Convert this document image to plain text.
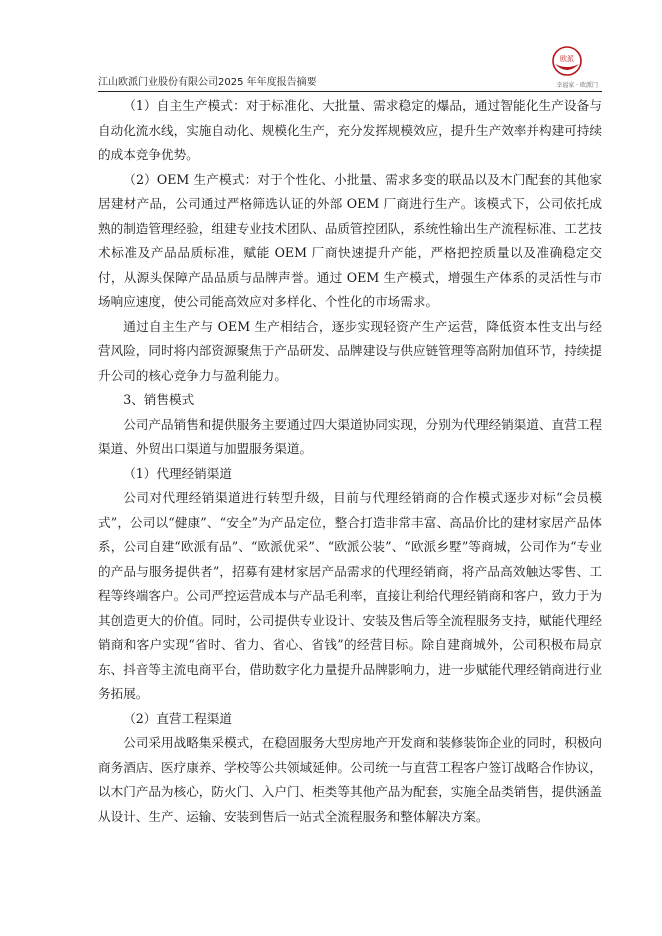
江山欧派门业股份有限公司2025 年年度报告摘要
欧派
幸福家 · 欧派门

（1）自主生产模式：对于标准化、大批量、需求稳定的爆品，通过智能化生产设备与自动化流水线，实施自动化、规模化生产，充分发挥规模效应，提升生产效率并构建可持续的成本竞争优势。

（2）OEM 生产模式：对于个性化、小批量、需求多变的联品以及木门配套的其他家居建材产品，公司通过严格筛选认证的外部 OEM 厂商进行生产。该模式下，公司依托成熟的制造管理经验，组建专业技术团队、品质管控团队，系统性输出生产流程标准、工艺技术标准及产品品质标准，赋能 OEM 厂商快速提升产能，严格把控质量以及准确稳定交付，从源头保障产品品质与品牌声誉。通过 OEM 生产模式，增强生产体系的灵活性与市场响应速度，使公司能高效应对多样化、个性化的市场需求。

通过自主生产与 OEM 生产相结合，逐步实现轻资产生产运营，降低资本性支出与经营风险，同时将内部资源聚焦于产品研发、品牌建设与供应链管理等高附加值环节，持续提升公司的核心竞争力与盈利能力。

3、销售模式

公司产品销售和提供服务主要通过四大渠道协同实现，分别为代理经销渠道、直营工程渠道、外贸出口渠道与加盟服务渠道。

（1）代理经销渠道

公司对代理经销渠道进行转型升级，目前与代理经销商的合作模式逐步对标“会员模式”，公司以“健康”、“安全”为产品定位，整合打造非常丰富、高品价比的建材家居产品体系，公司自建“欧派有品”、“欧派优采”、“欧派公装”、“欧派乡墅”等商城，公司作为“专业的产品与服务提供者”，招募有建材家居产品需求的代理经销商，将产品高效触达零售、工程等终端客户。公司严控运营成本与产品毛利率，直接让利给代理经销商和客户，致力于为其创造更大的价值。同时，公司提供专业设计、安装及售后等全流程服务支持，赋能代理经销商和客户实现“省时、省力、省心、省钱”的经营目标。除自建商城外，公司积极布局京东、抖音等主流电商平台，借助数字化力量提升品牌影响力，进一步赋能代理经销商进行业务拓展。

（2）直营工程渠道

公司采用战略集采模式，在稳固服务大型房地产开发商和装修装饰企业的同时，积极向商务酒店、医疗康养、学校等公共领域延伸。公司统一与直营工程客户签订战略合作协议，以木门产品为核心，防火门、入户门、柜类等其他产品为配套，实施全品类销售，提供涵盖从设计、生产、运输、安装到售后一站式全流程服务和整体解决方案。
